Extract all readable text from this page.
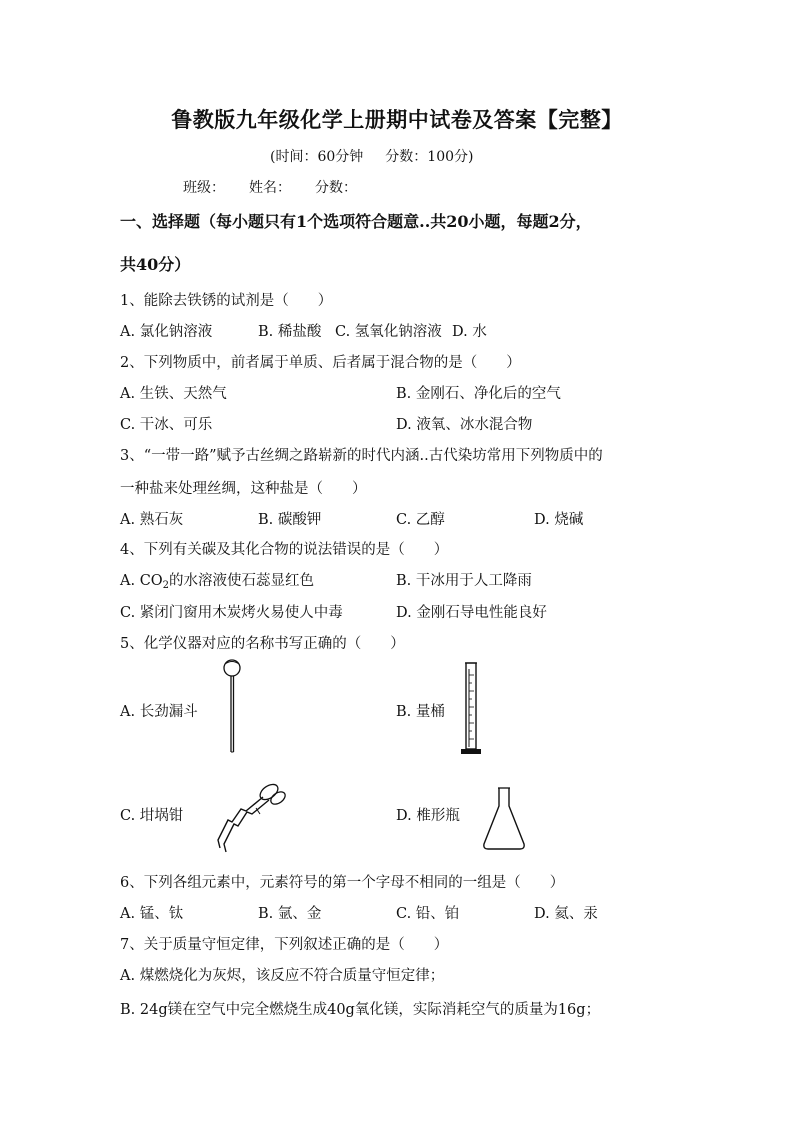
鲁教版九年级化学上册期中试卷及答案【完整】
(时间：60分钟 分数：100分)
班级： 姓名： 分数：
一、选择题（每小题只有1个选项符合题意..共20小题，每题2分，
共40分）
1、能除去铁锈的试剂是（　　）
A. 氯化钠溶液	B. 稀盐酸 C. 氢氧化钠溶液 D. 水
2、下列物质中，前者属于单质、后者属于混合物的是（　　）
A. 生铁、天然气	B. 金刚石、净化后的空气
C. 干冰、可乐	D. 液氧、冰水混合物
3、“一带一路”赋予古丝绸之路崭新的时代内涵..古代染坊常用下列物质中的
一种盐来处理丝绸，这种盐是（　　）
A. 熟石灰	B. 碳酸钾	C. 乙醇	D. 烧碱
4、下列有关碳及其化合物的说法错误的是（　　）
A. $CO_2$的水溶液使石蕊显红色	B. 干冰用于人工降雨
C. 紧闭门窗用木炭烤火易使人中毒	D. 金刚石导电性能良好
5、化学仪器对应的名称书写正确的（　　）
A. 长劲漏斗	B. 量桶
C. 坩埚钳	D. 椎形瓶
6、下列各组元素中，元素符号的第一个字母不相同的一组是（　　）
A. 锰、钛	B. 氩、金	C. 铅、铂	D. 氦、汞
7、关于质量守恒定律，下列叙述正确的是（　　）
A. 煤燃烧化为灰烬，该反应不符合质量守恒定律；
B. 24g镁在空气中完全燃烧生成40g氧化镁，实际消耗空气的质量为16g；
